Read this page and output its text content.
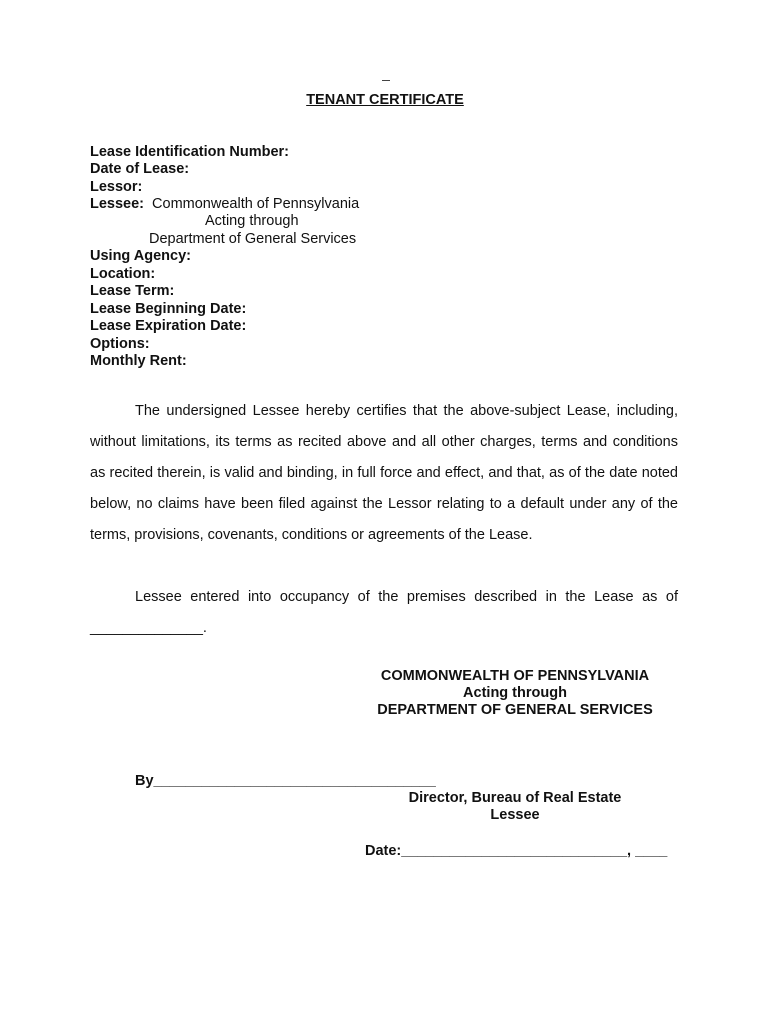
TENANT CERTIFICATE
Lease Identification Number:
Date of Lease:
Lessor:
Lessee: Commonwealth of Pennsylvania
Acting through
Department of General Services
Using Agency:
Location:
Lease Term:
Lease Beginning Date:
Lease Expiration Date:
Options:
Monthly Rent:
The undersigned Lessee hereby certifies that the above-subject Lease, including, without limitations, its terms as recited above and all other charges, terms and conditions as recited therein, is valid and binding, in full force and effect, and that, as of the date noted below, no claims have been filed against the Lessor relating to a default under any of the terms, provisions, covenants, conditions or agreements of the Lease.
Lessee entered into occupancy of the premises described in the Lease as of ______________.
COMMONWEALTH OF PENNSYLVANIA
Acting through
DEPARTMENT OF GENERAL SERVICES
By___________________________________
Director, Bureau of Real Estate
Lessee
Date:____________________________, ____
